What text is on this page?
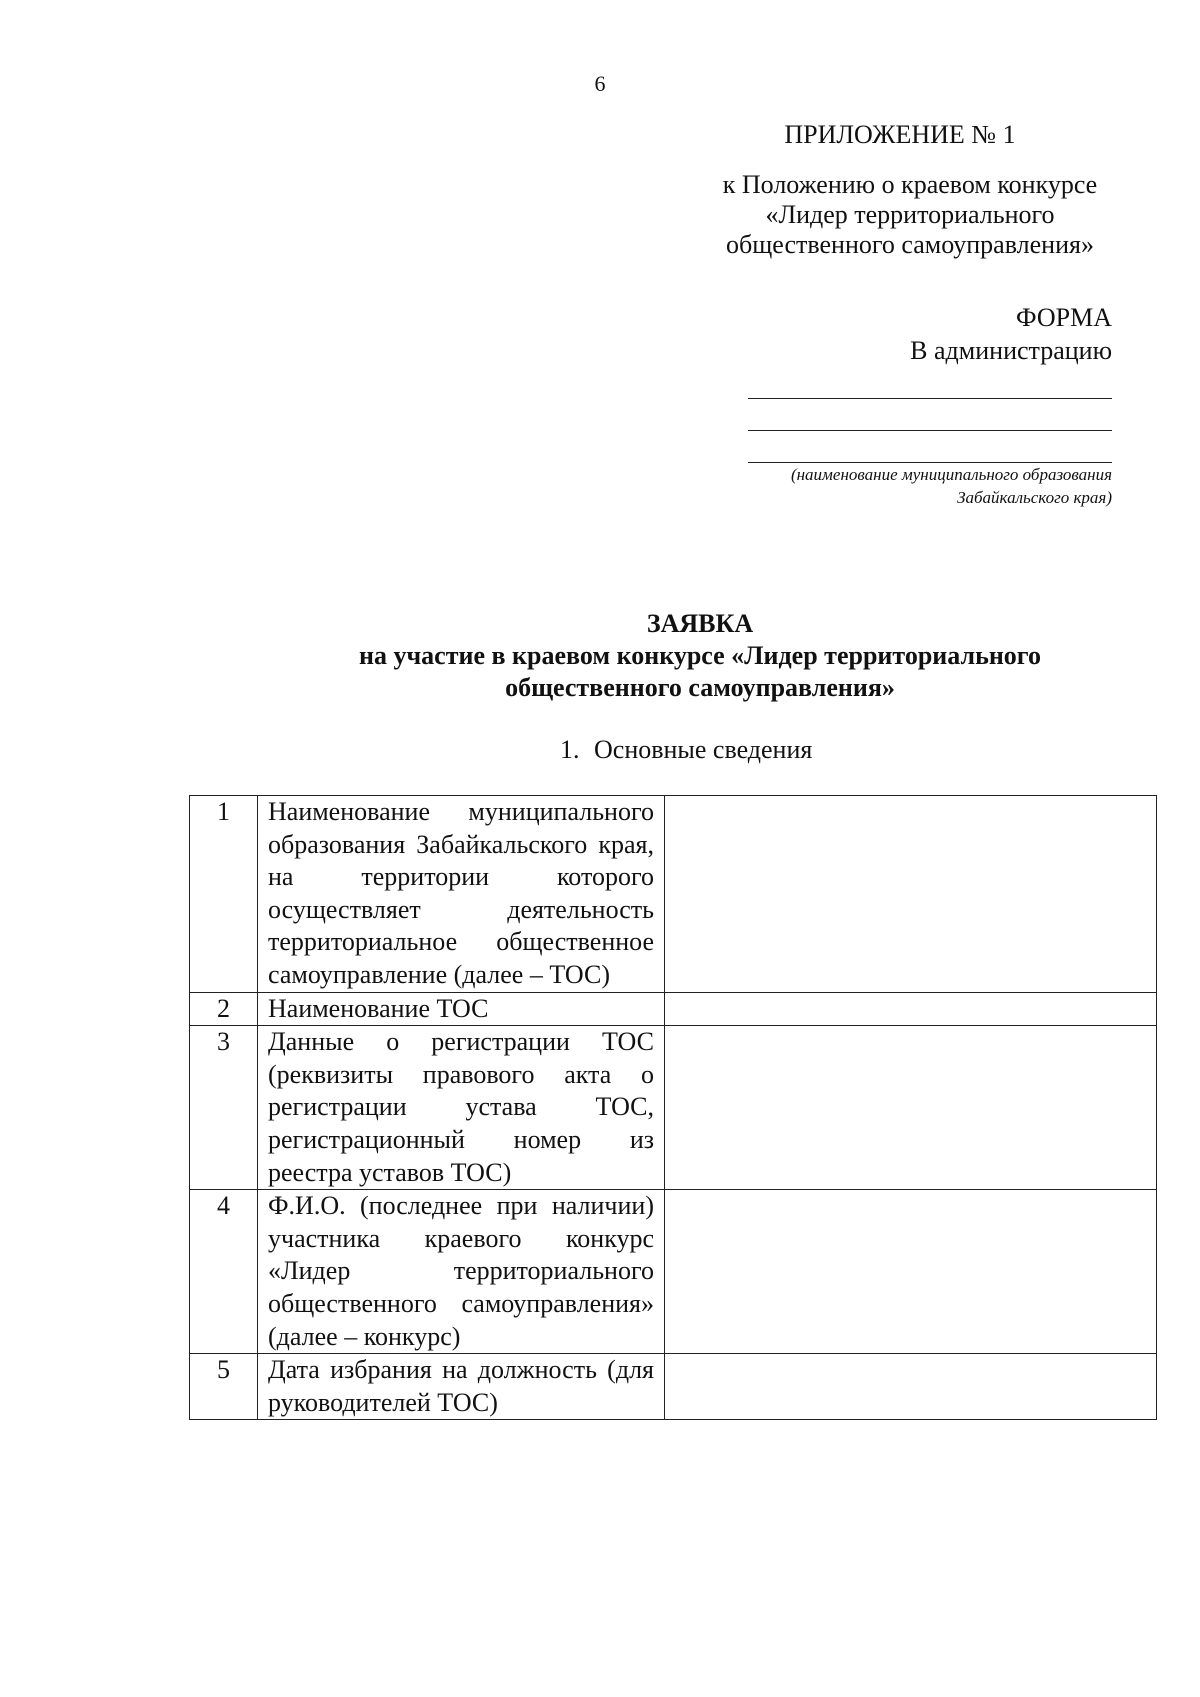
6
ПРИЛОЖЕНИЕ № 1
к Положению о краевом конкурсе
«Лидер территориального
общественного самоуправления»
ФОРМА
В администрацию
(наименование муниципального образования
Забайкальского края)
ЗАЯВКА
на участие в краевом конкурсе «Лидер территориального
общественного самоуправления»
1. Основные сведения
1	Наименование муниципального образования Забайкальского края, на территории которого осуществляет деятельность территориальное общественное самоуправление (далее – ТОС)	
2	Наименование ТОС	
3	Данные о регистрации ТОС (реквизиты правового акта о регистрации устава ТОС, регистрационный номер из реестра уставов ТОС)	
4	Ф.И.О. (последнее при наличии) участника краевого конкурс «Лидер территориального общественного самоуправления» (далее – конкурс)	
5	Дата избрания на должность (для руководителей ТОС)	
